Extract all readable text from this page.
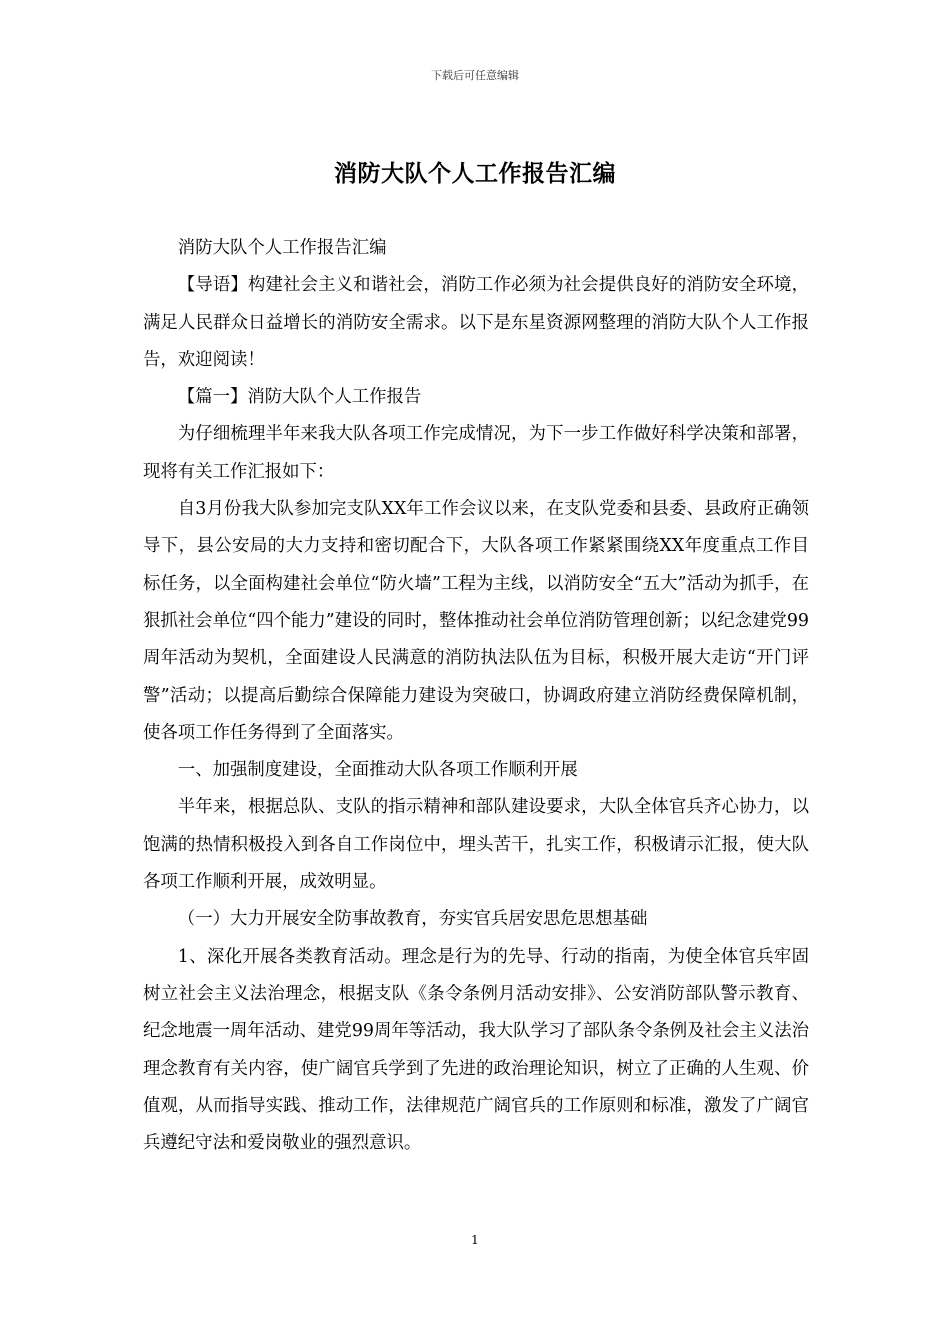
下载后可任意编辑
消防大队个人工作报告汇编

消防大队个人工作报告汇编

【导语】构建社会主义和谐社会，消防工作必须为社会提供良好的消防安全环境，满足人民群众日益增长的消防安全需求。以下是东星资源网整理的消防大队个人工作报告，欢迎阅读！

【篇一】消防大队个人工作报告

为仔细梳理半年来我大队各项工作完成情况，为下一步工作做好科学决策和部署，现将有关工作汇报如下：

自3月份我大队参加完支队XX年工作会议以来，在支队党委和县委、县政府正确领导下，县公安局的大力支持和密切配合下，大队各项工作紧紧围绕XX年度重点工作目标任务，以全面构建社会单位“防火墙”工程为主线，以消防安全“五大”活动为抓手，在狠抓社会单位“四个能力”建设的同时，整体推动社会单位消防管理创新；以纪念建党99周年活动为契机，全面建设人民满意的消防执法队伍为目标，积极开展大走访“开门评警”活动；以提高后勤综合保障能力建设为突破口，协调政府建立消防经费保障机制，使各项工作任务得到了全面落实。

一、加强制度建设，全面推动大队各项工作顺利开展

半年来，根据总队、支队的指示精神和部队建设要求，大队全体官兵齐心协力，以饱满的热情积极投入到各自工作岗位中，埋头苦干，扎实工作，积极请示汇报，使大队各项工作顺利开展，成效明显。

（一）大力开展安全防事故教育，夯实官兵居安思危思想基础

1、深化开展各类教育活动。理念是行为的先导、行动的指南，为使全体官兵牢固树立社会主义法治理念，根据支队《条令条例月活动安排》、公安消防部队警示教育、纪念地震一周年活动、建党99周年等活动，我大队学习了部队条令条例及社会主义法治理念教育有关内容，使广阔官兵学到了先进的政治理论知识，树立了正确的人生观、价值观，从而指导实践、推动工作，法律规范广阔官兵的工作原则和标准，激发了广阔官兵遵纪守法和爱岗敬业的强烈意识。

1
